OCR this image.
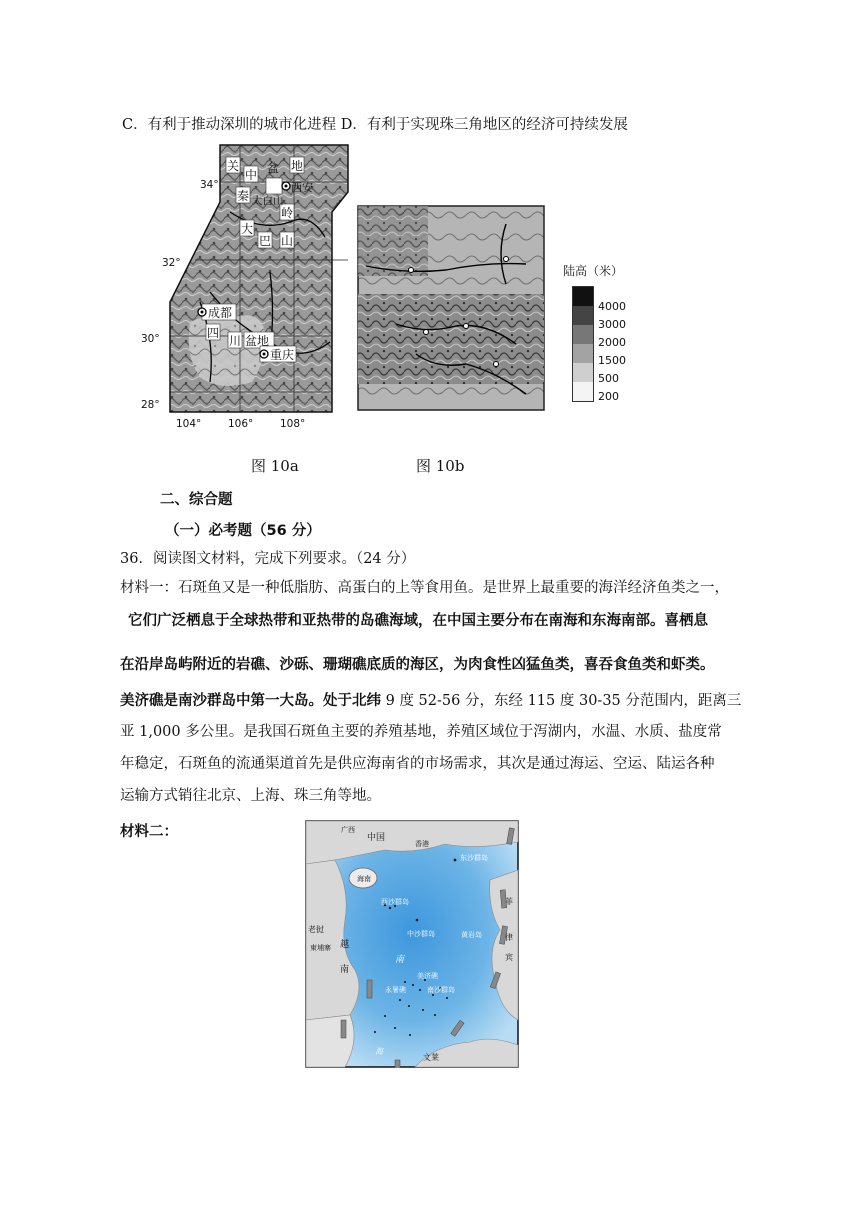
C．有利于推动深圳的城市化进程 D．有利于实现珠三角地区的经济可持续发展
关
中 盆 地
西安
秦 太白山
岭
大
巴 山
成都
四
川 盆地
重庆
34°
32°
30°
28°
104°	106°	108°
陆高（米）
4000
3000
2000
1500
500
200
图 10a	图 10b
二、综合题
（一）必考题（56 分）
36．阅读图文材料，完成下列要求。（24 分）
材料一：石斑鱼又是一种低脂肪、高蛋白的上等食用鱼。是世界上最重要的海洋经济鱼类之一，
它们广泛栖息于全球热带和亚热带的岛礁海域，在中国主要分布在南海和东海南部。喜栖息
在沿岸岛屿附近的岩礁、沙砾、珊瑚礁底质的海区，为肉食性凶猛鱼类，喜吞食鱼类和虾类。
美济礁是南沙群岛中第一大岛。处于北纬 9 度 52-56 分，东经 115 度 30-35 分范围内，距离三
亚 1,000 多公里。是我国石斑鱼主要的养殖基地，养殖区域位于泻湖内，水温、水质、盐度常
年稳定，石斑鱼的流通渠道首先是供应海南省的市场需求，其次是通过海运、空运、陆运各种
运输方式销往北京、上海、珠三角等地。
材料二：	广西
中国
香港
东沙群岛
海南
西沙群岛
中沙群岛	黄岩岛
老挝
越
柬埔寨
南
南
美济礁
永暑礁	南沙群岛
海
文莱
菲
律
宾
